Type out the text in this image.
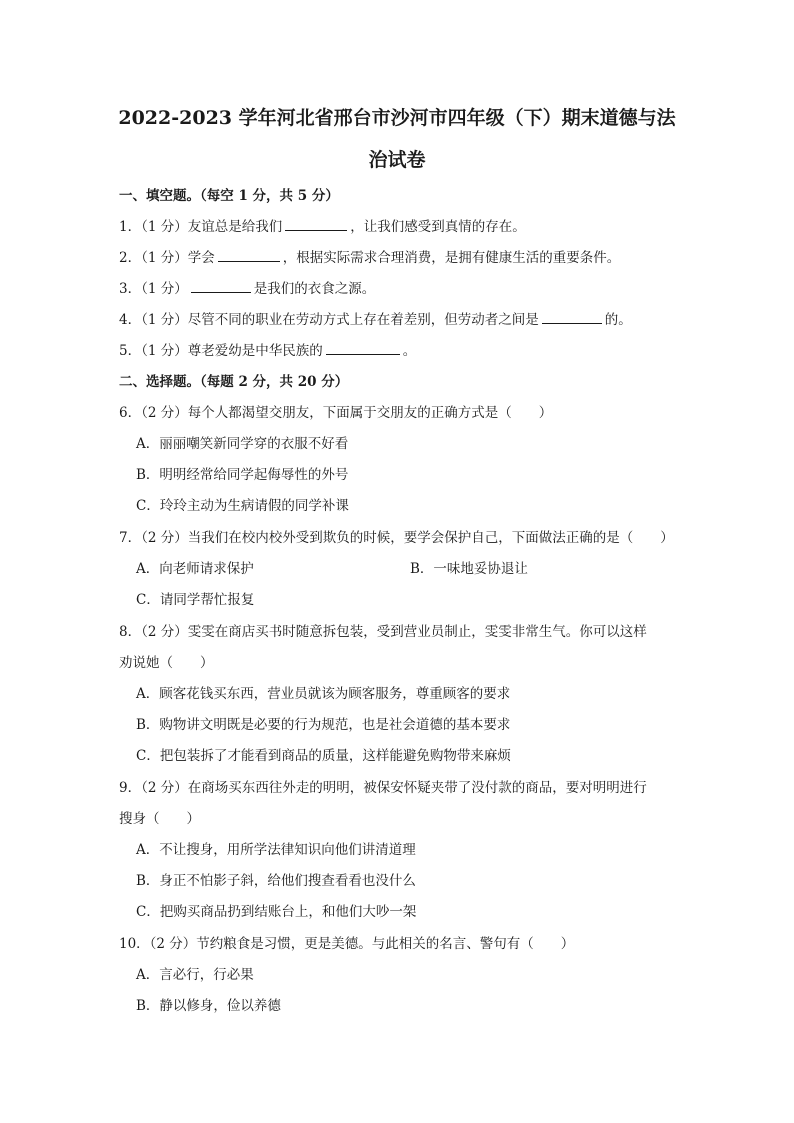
2022-2023 学年河北省邢台市沙河市四年级（下）期末道德与法
治试卷
一、填空题。（每空 1 分，共 5 分）
1．（1 分）友谊总是给我们	，让我们感受到真情的存在。
2．（1 分）学会	，根据实际需求合理消费，是拥有健康生活的重要条件。
3．（1 分）	是我们的衣食之源。
4．（1 分）尽管不同的职业在劳动方式上存在着差别，但劳动者之间是	的。
5．（1 分）尊老爱幼是中华民族的	。
二、选择题。（每题 2 分，共 20 分）
6．（2 分）每个人都渴望交朋友，下面属于交朋友的正确方式是（　　）
A．丽丽嘲笑新同学穿的衣服不好看
B．明明经常给同学起侮辱性的外号
C．玲玲主动为生病请假的同学补课
7．（2 分）当我们在校内校外受到欺负的时候，要学会保护自己，下面做法正确的是（　　）
A．向老师请求保护	B．一味地妥协退让
C．请同学帮忙报复
8．（2 分）雯雯在商店买书时随意拆包装，受到营业员制止，雯雯非常生气。你可以这样
劝说她（　　）
A．顾客花钱买东西，营业员就该为顾客服务，尊重顾客的要求
B．购物讲文明既是必要的行为规范，也是社会道德的基本要求
C．把包装拆了才能看到商品的质量，这样能避免购物带来麻烦
9．（2 分）在商场买东西往外走的明明，被保安怀疑夹带了没付款的商品，要对明明进行
搜身（　　）
A．不让搜身，用所学法律知识向他们讲清道理
B．身正不怕影子斜，给他们搜查看看也没什么
C．把购买商品扔到结账台上，和他们大吵一架
10．（2 分）节约粮食是习惯，更是美德。与此相关的名言、警句有（　　）
A．言必行，行必果
B．静以修身，俭以养德
